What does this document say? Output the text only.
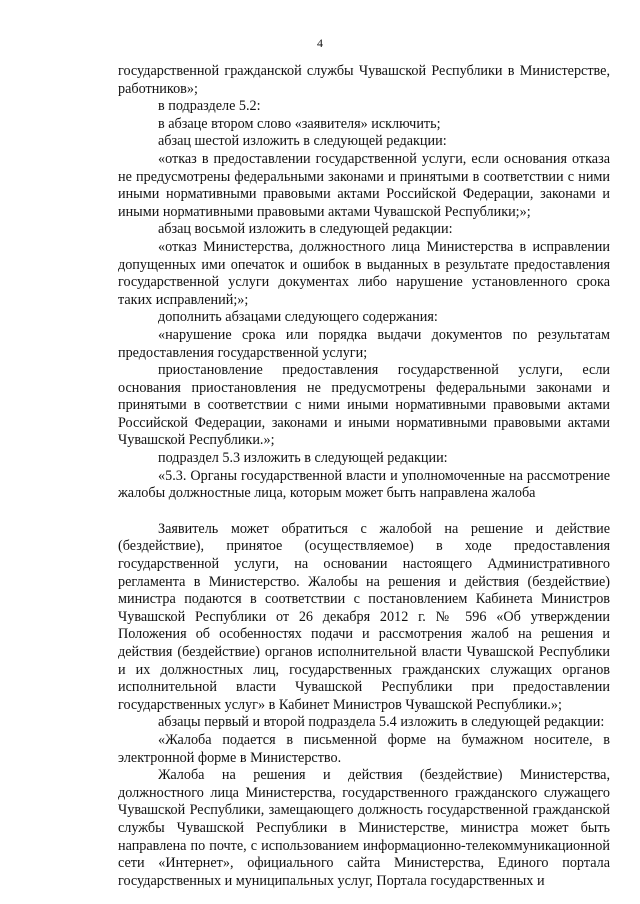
4

государственной гражданской службы Чувашской Республики в Министерстве, работников»;

в подразделе 5.2:

в абзаце втором слово «заявителя» исключить;

абзац шестой изложить в следующей редакции:

«отказ в предоставлении государственной услуги, если основания отказа не предусмотрены федеральными законами и принятыми в соответствии с ними иными нормативными правовыми актами Российской Федерации, законами и иными нормативными правовыми актами Чувашской Республики;»;

абзац восьмой изложить в следующей редакции:

«отказ Министерства, должностного лица Министерства в исправлении допущенных ими опечаток и ошибок в выданных в результате предоставления государственной услуги документах либо нарушение установленного срока таких исправлений;»;

дополнить абзацами следующего содержания:

«нарушение срока или порядка выдачи документов по результатам предоставления государственной услуги;

приостановление предоставления государственной услуги, если основания приостановления не предусмотрены федеральными законами и принятыми в соответствии с ними иными нормативными правовыми актами Российской Федерации, законами и иными нормативными правовыми актами Чувашской Республики.»;

подраздел 5.3 изложить в следующей редакции:

«5.3. Органы государственной власти и уполномоченные на рассмотрение жалобы должностные лица, которым может быть направлена жалоба

Заявитель может обратиться с жалобой на решение и действие (бездействие), принятое (осуществляемое) в ходе предоставления государственной услуги, на основании настоящего Административного регламента в Министерство. Жалобы на решения и действия (бездействие) министра подаются в соответствии с постановлением Кабинета Министров Чувашской Республики от 26 декабря 2012 г. № 596 «Об утверждении Положения об особенностях подачи и рассмотрения жалоб на решения и действия (бездействие) органов исполнительной власти Чувашской Республики и их должностных лиц, государственных гражданских служащих органов исполнительной власти Чувашской Республики при предоставлении государственных услуг» в Кабинет Министров Чувашской Республики.»;

абзацы первый и второй подраздела 5.4 изложить в следующей редакции:

«Жалоба подается в письменной форме на бумажном носителе, в электронной форме в Министерство.

Жалоба на решения и действия (бездействие) Министерства, должностного лица Министерства, государственного гражданского служащего Чувашской Республики, замещающего должность государственной гражданской службы Чувашской Республики в Министерстве, министра может быть направлена по почте, с использованием информационно-телекоммуникационной сети «Интернет», официального сайта Министерства, Единого портала государственных и муниципальных услуг, Портала государственных и
